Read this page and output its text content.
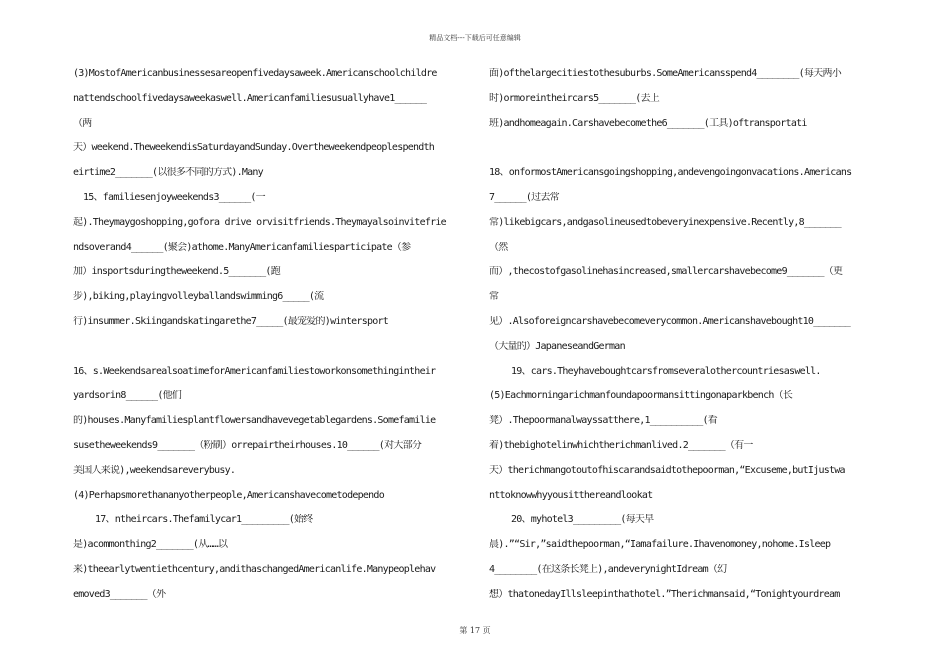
精品文档---下载后可任意编辑
(3)MostofAmericanbusinessesareopenfivedaysaweek.Americanschoolchildre
nattendschoolfivedaysaweekaswell.Americanfamiliesusuallyhave1______
（两
天）weekend.TheweekendisSaturdayandSunday.Overtheweekendpeoplespendth
eirtime2_______(以很多不同的方式).Many
15、familiesenjoyweekends3______(一
起).Theymaygoshopping,gofora drive orvisitfriends.Theymayalsoinvitefrie
ndsoverand4______(聚会)athome.ManyAmericanfamiliesparticipate（参
加）insportsduringtheweekend.5_______(跑
步),biking,playingvolleyballandswimming6_____(流
行)insummer.Skiingandskatingarethe7_____(最宠爱的)wintersport
16、s.WeekendsarealsoatimeforAmericanfamiliestoworkonsomethingintheir
yardsorin8______(他们
的)houses.Manyfamiliesplantflowersandhavevegetablegardens.Somefamilie
susetheweekends9_______（粉刷）orrepairtheirhouses.10______(对大部分
美国人来说),weekendsareverybusy.
(4)Perhapsmorethananyotherpeople,Americanshavecometodependo
17、ntheircars.Thefamilycar1_________(始终
是)acommonthing2_______(从……以
来)theearlytwentiethcentury,andithaschangedAmericanlife.Manypeoplehav
emoved3_______（外
面)ofthelargecitiestothesuburbs.SomeAmericansspend4________(每天两小
时)ormoreintheircars5_______(去上
班)andhomeagain.Carshavebecomethe6_______(工具)oftransportati
18、onformostAmericansgoingshopping,andevengoingonvacations.Americans
7______(过去常
常)likebigcars,andgasolineusedtobeveryinexpensive.Recently,8_______
（然
而）,thecostofgasolinehasincreased,smallercarshavebecome9_______（更
常
见）.Alsoforeigncarshavebecomeverycommon.Americanshavebought10_______
（大量的）JapaneseandGerman
19、cars.Theyhaveboughtcarsfromseveralothercountriesaswell.
(5)Eachmorningarichmanfoundapoormansittingonaparkbench（长
凳）.Thepoormanalwayssatthere,1__________(看
着)thebighotelinwhichtherichmanlived.2_______（有一
天）therichmangotoutofhiscarandsaidtothepoorman,“Excuseme,butIjustwa
nttoknowwhyyousitthereandlookat
20、myhotel3_________(每天早
晨).”“Sir,”saidthepoorman,“Iamafailure.Ihavenomoney,nohome.Isleep
4________(在这条长凳上),andeverynightIdream（幻
想）thatonedayIllsleepinthathotel.”Therichmansaid,“Tonightyourdream
第 17 页
